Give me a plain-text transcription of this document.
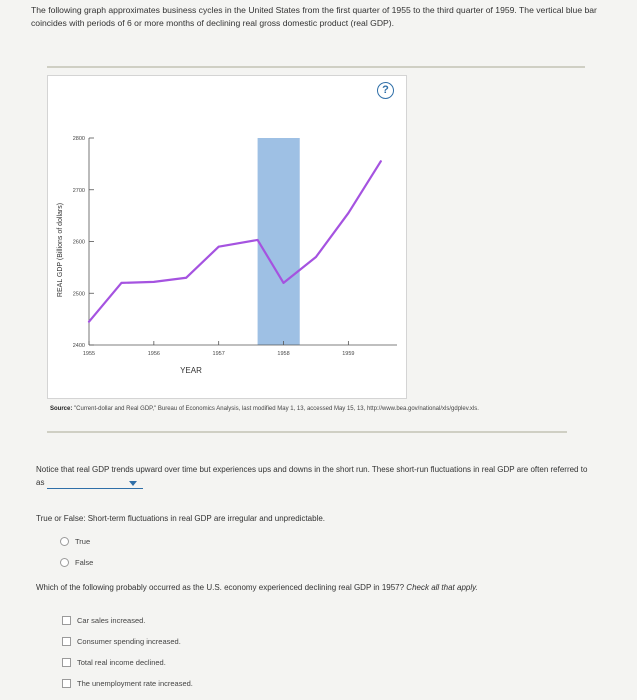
The following graph approximates business cycles in the United States from the first quarter of 1955 to the third quarter of 1959. The vertical blue bar coincides with periods of 6 or more months of declining real gross domestic product (real GDP).
?
2400
2500
2600
2700
2800
1955	1956	1957	1958	1959
REAL GDP (Billions of dollars)
YEAR
Source: "Current-dollar and Real GDP," Bureau of Economics Analysis, last modified May 1, 13, accessed May 15, 13, http://www.bea.gov/national/xls/gdplev.xls.
Notice that real GDP trends upward over time but experiences ups and downs in the short run. These short-run fluctuations in real GDP are often referred to as
True or False: Short-term fluctuations in real GDP are irregular and unpredictable.
True
False
Which of the following probably occurred as the U.S. economy experienced declining real GDP in 1957? Check all that apply.
Car sales increased.
Consumer spending increased.
Total real income declined.
The unemployment rate increased.
